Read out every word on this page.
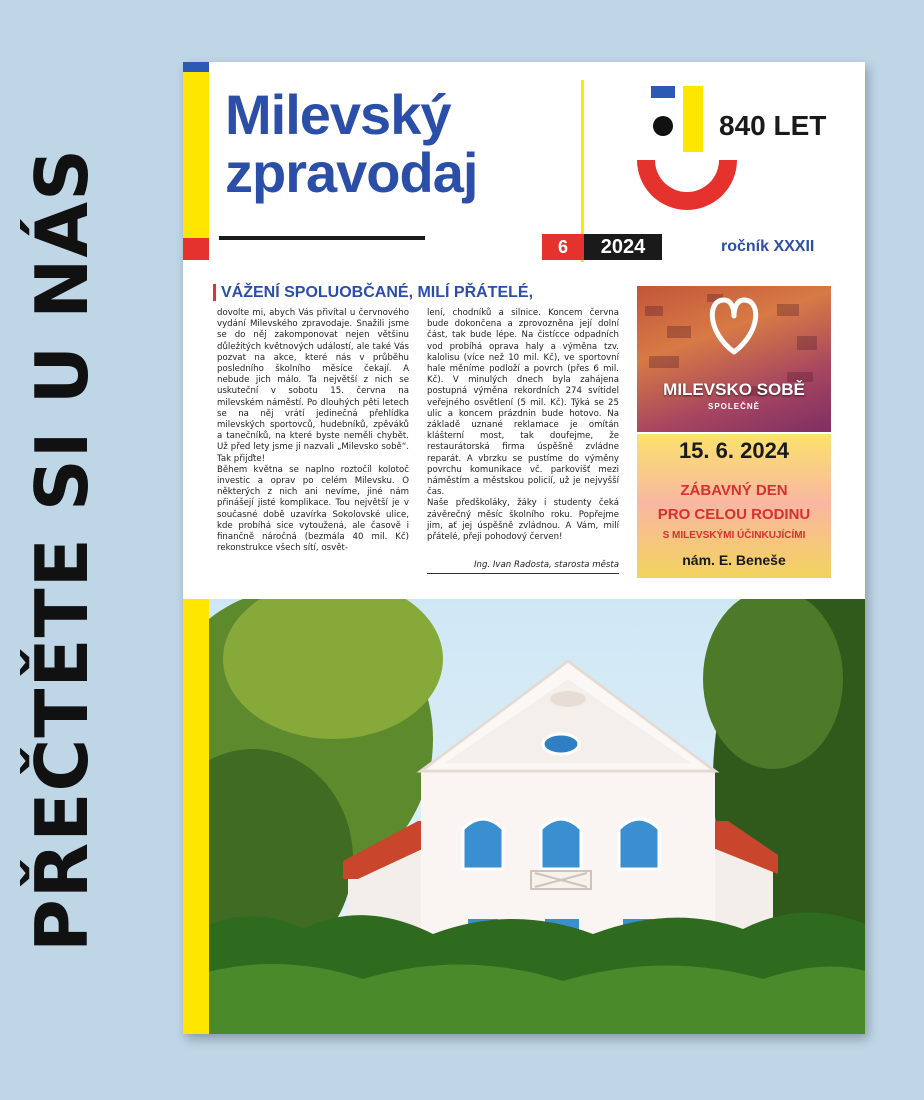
PŘEČTĚTE SI U NÁS
Milevský
zpravodaj
6	2024	ročník XXXII
840 LET
VÁŽENÍ SPOLUOBČANÉ, MILÍ PŘÁTELÉ,

dovolte mi, abych Vás přivítal u červnového vydání Milevského zpravodaje. Snažili jsme se do něj zakomponovat nejen většinu důležitých květnových událostí, ale také Vás pozvat na akce, které nás v průběhu posledního školního měsíce čekají. A nebude jich málo. Ta největší z nich se uskuteční v sobotu 15. června na milevském náměstí. Po dlouhých pěti letech se na něj vrátí jedinečná přehlídka milevských sportovců, hudebníků, zpěváků a tanečníků, na které byste neměli chybět. Už před lety jsme ji nazvali „Milevsko sobě“. Tak přijďte!

Během května se naplno roztočil kolotoč investic a oprav po celém Milevsku. O některých z nich ani nevíme, jiné nám přinášejí jisté komplikace. Tou největší je v současné době uzavírka Sokolovské ulice, kde probíhá sice vytoužená, ale časově i finančně náročná (bezmála 40 mil. Kč) rekonstrukce všech sítí, osvět-

lení, chodníků a silnice. Koncem června bude dokončena a zprovozněna její dolní část, tak bude lépe. Na čistícce odpadních vod probíhá oprava haly a výměna tzv. kalolisu (více než 10 mil. Kč), ve sportovní hale měníme podloží a povrch (přes 6 mil. Kč). V minulých dnech byla zahájena postupná výměna rekordních 274 svítidel veřejného osvětlení (5 mil. Kč). Týká se 25 ulic a koncem prázdnin bude hotovo. Na základě uznané reklamace je omítán klášterní most, tak doufejme, že restaurátorská firma úspěšně zvládne reparát. A vbrzku se pustíme do výměny povrchu komunikace vč. parkovišť mezi náměstím a městskou policií, už je nejvyšší čas.

Naše předškoláky, žáky i studenty čeká závěrečný měsíc školního roku. Popřejme jim, ať jej úspěšně zvládnou. A Vám, milí přátelé, přeji pohodový červen!

Ing. Ivan Radosta, starosta města
MILEVSKO SOBĚ
SPOLEČNĚ
15. 6. 2024
ZÁBAVNÝ DEN
PRO CELOU RODINU
S MILEVSKÝMI ÚČINKUJÍCÍMI
nám. E. Beneše
